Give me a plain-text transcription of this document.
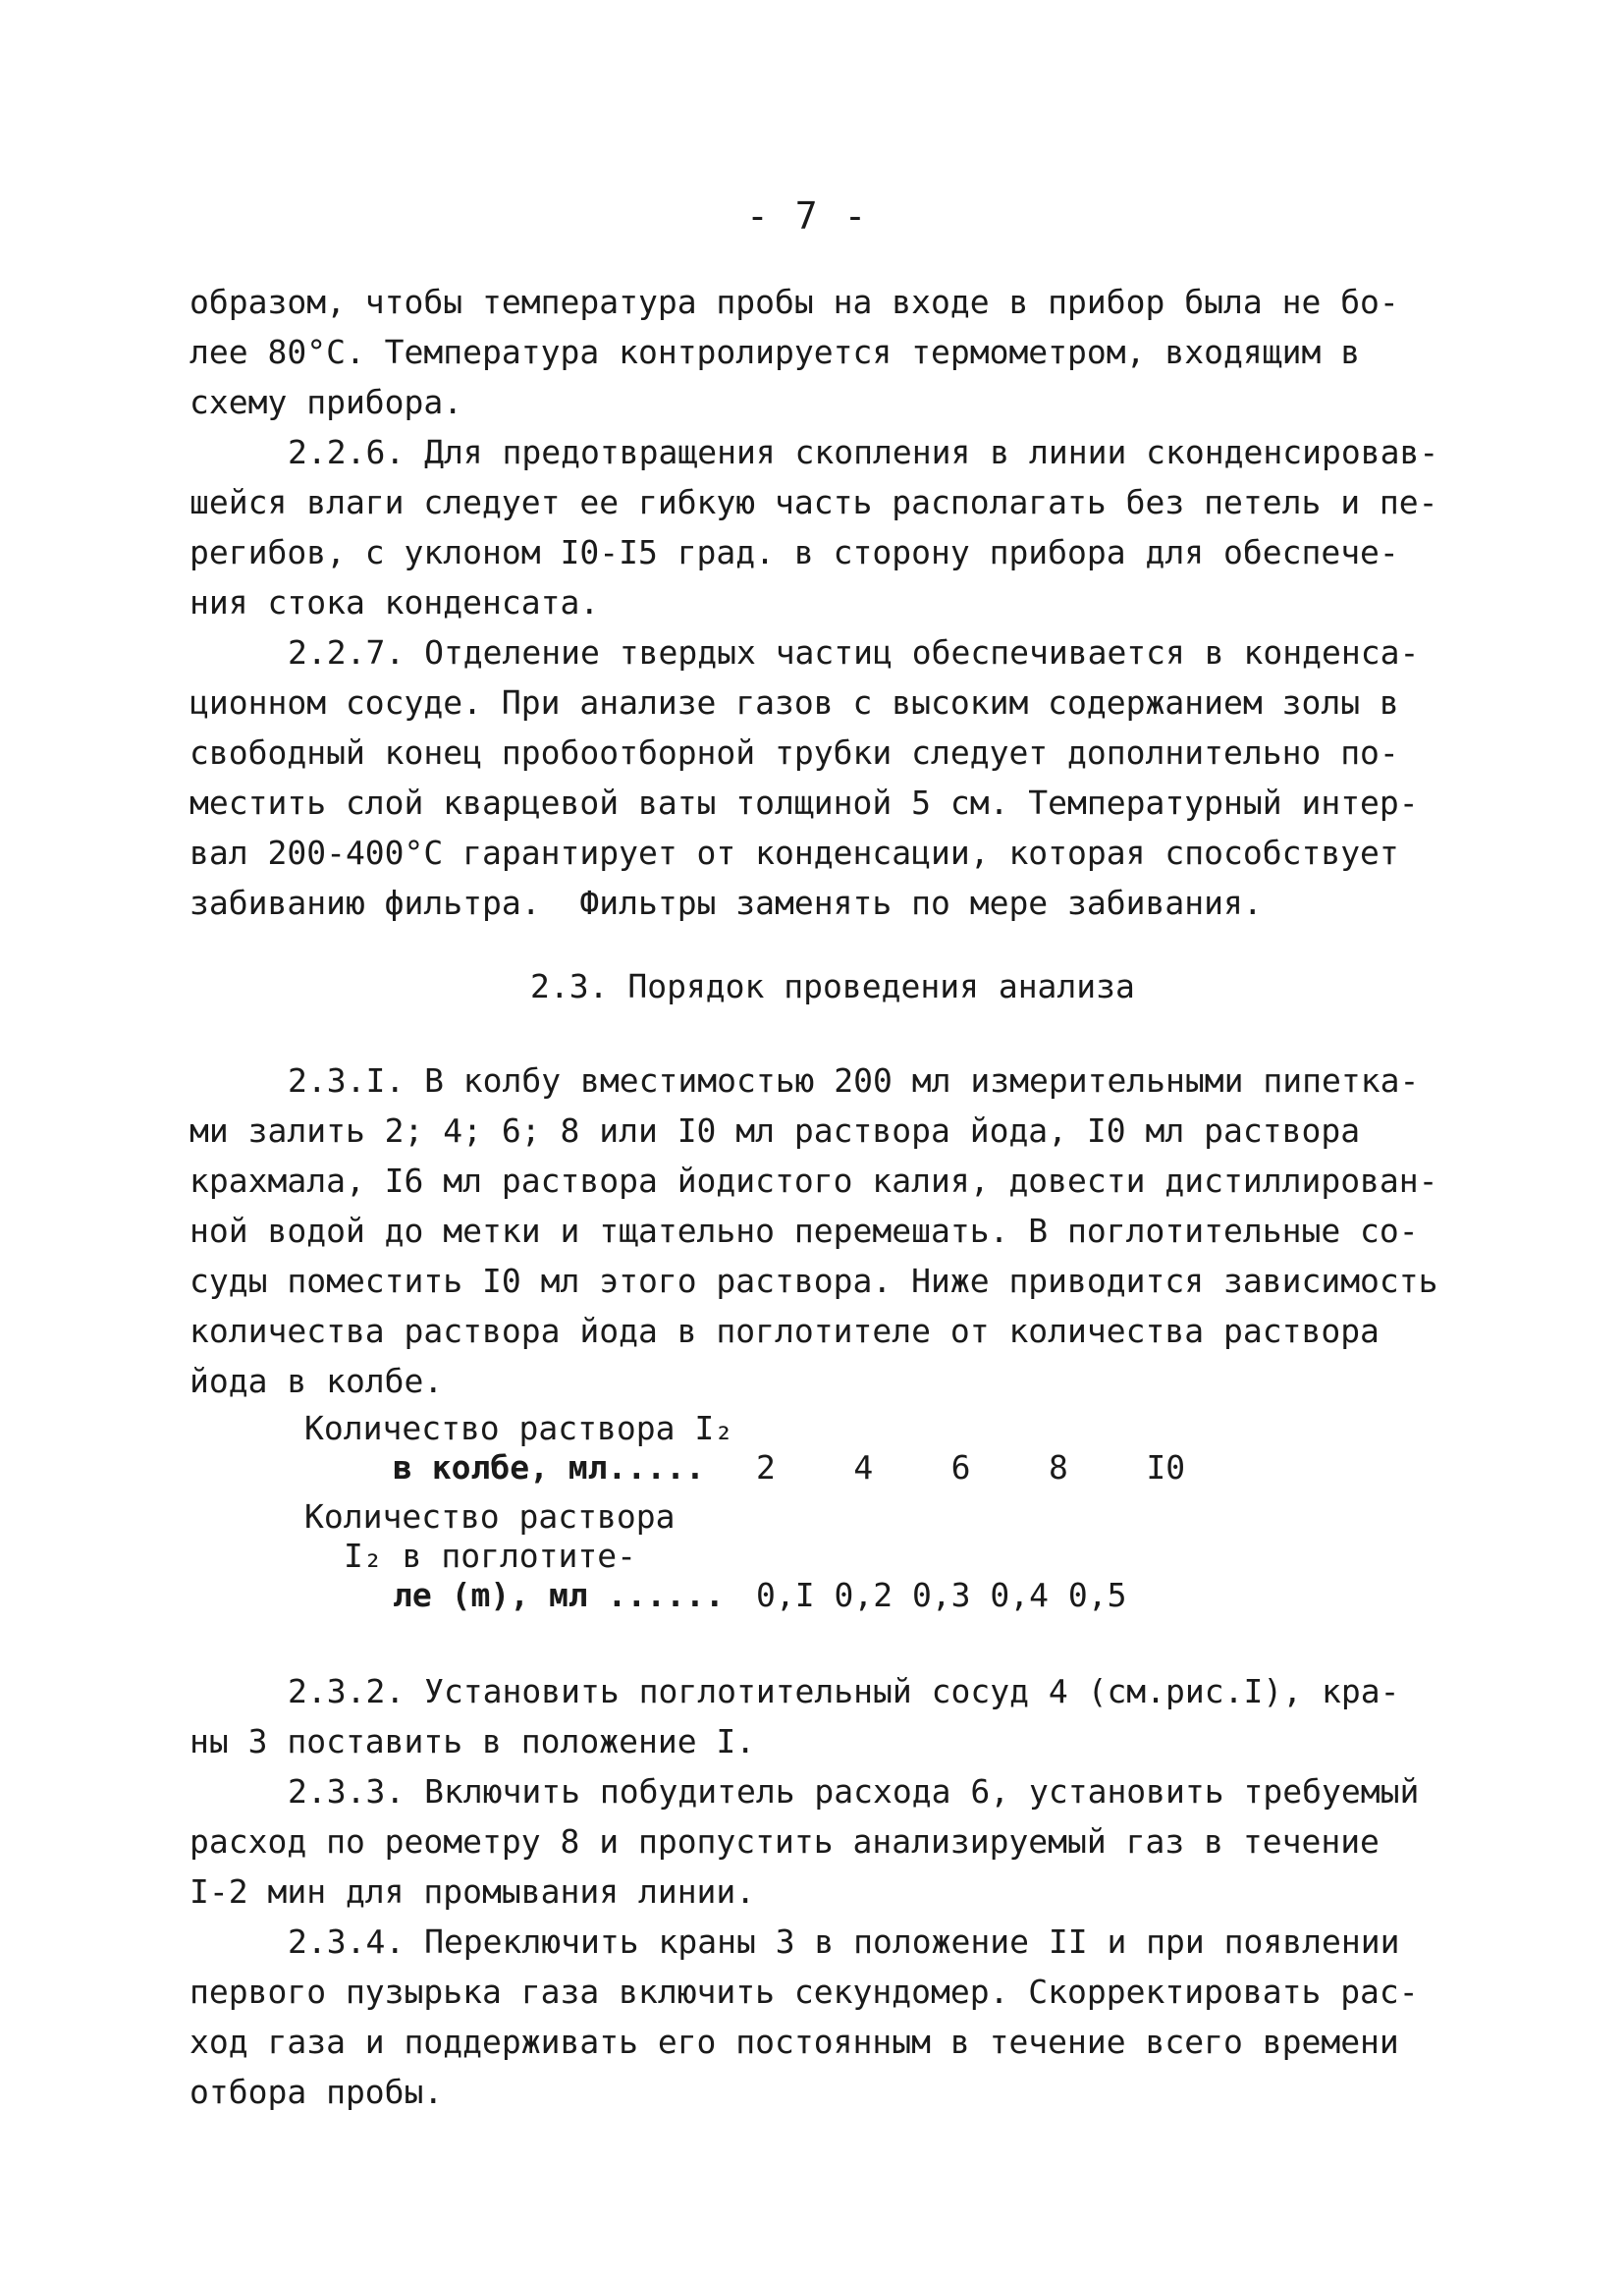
- 7 -
образом, чтобы температура пробы на входе в прибор была не бо-
лее 80°С. Температура контролируется термометром, входящим в
схему прибора.
2.2.6. Для предотвращения скопления в линии сконденсировав-
шейся влаги следует ее гибкую часть располагать без петель и пе-
регибов, с уклоном I0-I5 град. в сторону прибора для обеспече-
ния стока конденсата.
2.2.7. Отделение твердых частиц обеспечивается в конденса-
ционном сосуде. При анализе газов с высоким содержанием золы в
свободный конец пробоотборной трубки следует дополнительно по-
местить слой кварцевой ваты толщиной 5 см. Температурный интер-
вал 200-400°С гарантирует от конденсации, которая способствует
забиванию фильтра.  Фильтры заменять по мере забивания.
2.3. Порядок проведения анализа
2.3.I. В колбу вместимостью 200 мл измерительными пипетка-
ми залить 2; 4; 6; 8 или I0 мл раствора йода, I0 мл раствора
крахмала, I6 мл раствора йодистого калия, довести дистиллирован-
ной водой до метки и тщательно перемешать. В поглотительные со-
суды поместить I0 мл этого раствора. Ниже приводится зависимость
количества раствора йода в поглотителе от количества раствора
йода в колбе.
Количество раствора I₂
в колбе, мл.....	2    4    6    8    I0
Количество раствора
I₂ в поглотите-
ле (m), мл ...... 0,I 0,2 0,3 0,4 0,5
2.3.2. Установить поглотительный сосуд 4 (см.рис.I), кра-
ны 3 поставить в положение I.
2.3.3. Включить побудитель расхода 6, установить требуемый
расход по реометру 8 и пропустить анализируемый газ в течение
I-2 мин для промывания линии.
2.3.4. Переключить краны 3 в положение II и при появлении
первого пузырька газа включить секундомер. Скорректировать рас-
ход газа и поддерживать его постоянным в течение всего времени
отбора пробы.
